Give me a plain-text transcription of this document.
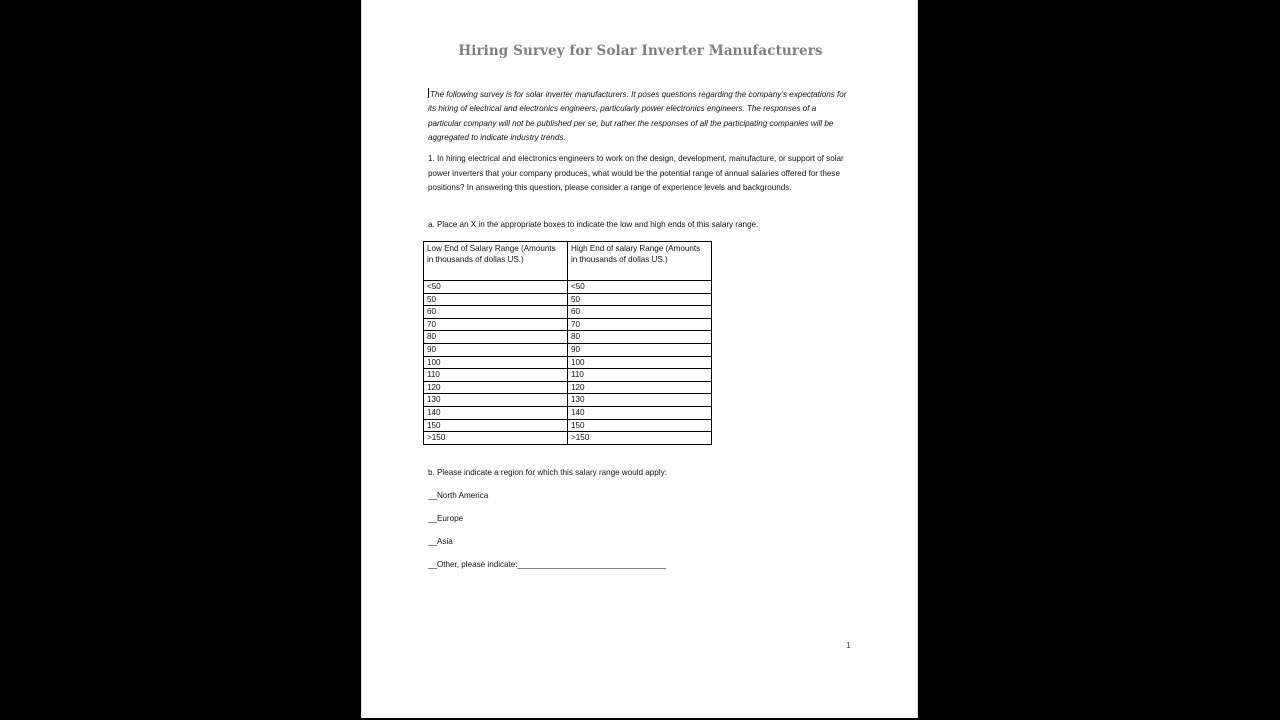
Hiring Survey for Solar Inverter Manufacturers

The following survey is for solar inverter manufacturers. It poses questions regarding the company’s expectations for its hiring of electrical and electronics engineers, particularly power electronics engineers. The responses of a particular company will not be published per se, but rather the responses of all the participating companies will be aggregated to indicate industry trends.

1. In hiring electrical and electronics engineers to work on the design, development, manufacture, or support of solar power inverters that your company produces, what would be the potential range of annual salaries offered for these positions? In answering this question, please consider a range of experience levels and backgrounds.

a. Place an X in the appropriate boxes to indicate the low and high ends of this salary range.

Low End of Salary Range (Amounts in thousands of dollas US.)	High End of salary Range (Amounts in thousands of dollas US.)
<50	<50
50	50
60	60
70	70
80	80
90	90
100	100
110	110
120	120
130	130
140	140
150	150
>150	>150

b. Please indicate a region for which this salary range would apply:

__North America

__Europe

__Asia

__Other, please indicate:_________________________________

1
